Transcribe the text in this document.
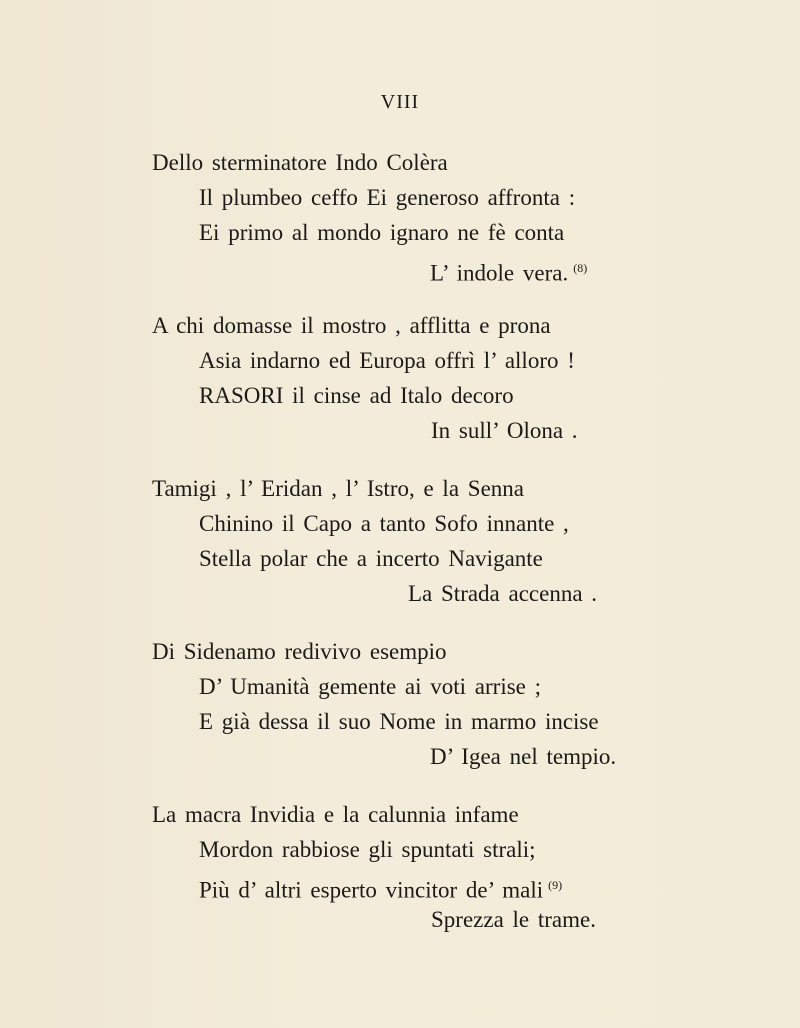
VIII
Dello sterminatore Indo Colèra
Il plumbeo ceffo Ei generoso affronta :
Ei primo al mondo ignaro ne fè conta
L’ indole vera. $^{(8)}$
A chi domasse il mostro , afflitta e prona
Asia indarno ed Europa offrì l’ alloro !
RASORI il cinse ad Italo decoro
In sull’ Olona .
Tamigi , l’ Eridan , l’ Istro, e la Senna
Chinino il Capo a tanto Sofo innante ,
Stella polar che a incerto Navigante
La Strada accenna .
Di Sidenamo redivivo esempio
D’ Umanità gemente ai voti arrise ;
E già dessa il suo Nome in marmo incise
D’ Igea nel tempio.
La macra Invidia e la calunnia infame
Mordon rabbiose gli spuntati strali;
Più d’ altri esperto vincitor de’ mali $^{(9)}$
Sprezza le trame.
